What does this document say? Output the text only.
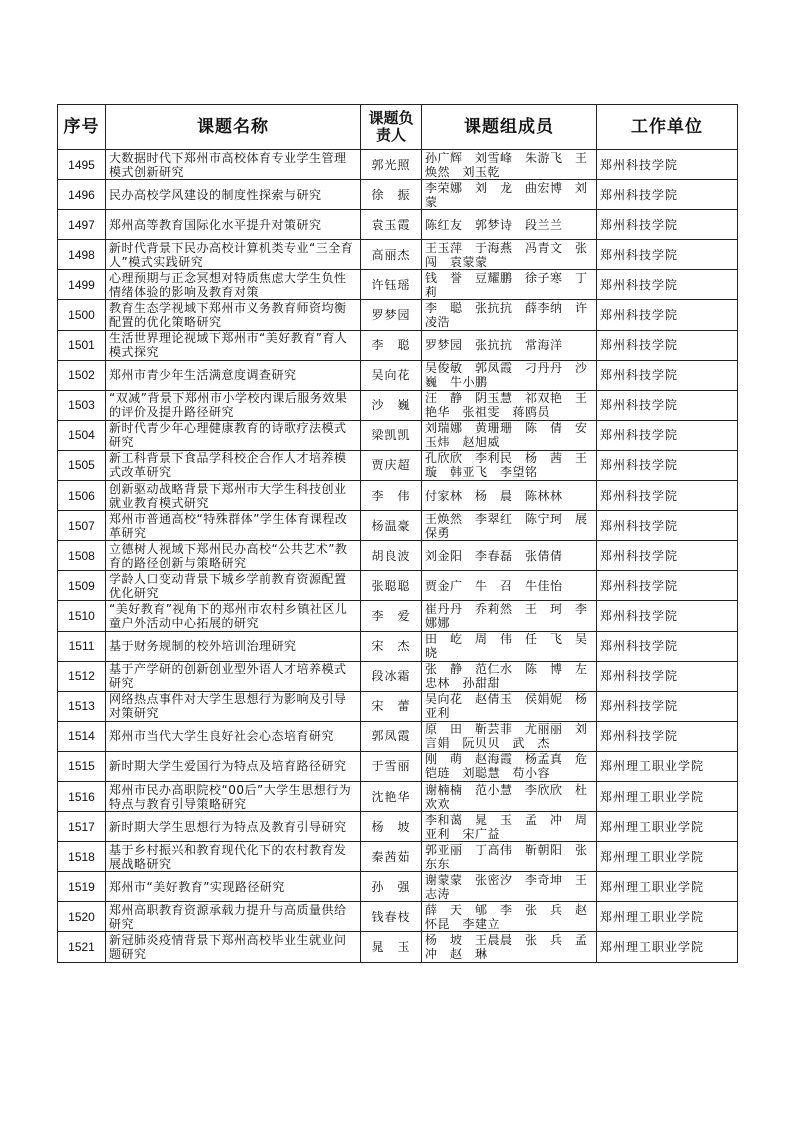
序号	课题名称	课题负责人	课题组成员	工作单位
1495	大数据时代下郑州市高校体育专业学生管理模式创新研究	郭光照	孙广辉　刘雪峰　朱游飞　王焕然　刘玉乾	郑州科技学院
1496	民办高校学风建设的制度性探索与研究	徐　振	李荣娜　刘　龙　曲宏博　刘　蒙	郑州科技学院
1497	郑州高等教育国际化水平提升对策研究	袁玉霞	陈红友　郭梦诗　段兰兰	郑州科技学院
1498	新时代背景下民办高校计算机类专业“三全育人”模式实践研究	高丽杰	王玉萍　于海燕　冯青文　张　闯　袁蒙蒙	郑州科技学院
1499	心理预期与正念冥想对特质焦虑大学生负性情绪体验的影响及教育对策	许钰瑶	钱　誉　豆耀鹏　徐子寒　丁　莉	郑州科技学院
1500	教育生态学视域下郑州市义务教育师资均衡配置的优化策略研究	罗梦园	李　聪　张抗抗　薛李纳　许凌浩	郑州科技学院
1501	生活世界理论视域下郑州市“美好教育”育人模式探究	李　聪	罗梦园　张抗抗　常海洋	郑州科技学院
1502	郑州市青少年生活满意度调查研究	吴向花	吴俊敏　郭凤霞　刁丹丹　沙　巍　牛小鹏	郑州科技学院
1503	“双减”背景下郑州市小学校内课后服务效果的评价及提升路径研究	沙　巍	汪　静　阴玉慧　祁双艳　王艳华　张祖雯　蒋鸥员	郑州科技学院
1504	新时代青少年心理健康教育的诗歌疗法模式研究	梁凯凯	刘瑞娜　黄珊珊　陈　倩　安玉炜　赵旭威	郑州科技学院
1505	新工科背景下食品学科校企合作人才培养模式改革研究	贾庆超	孔欣欣　李利民　杨　茜　王　璇　韩亚飞　李望铭	郑州科技学院
1506	创新驱动战略背景下郑州市大学生科技创业就业教育模式研究	李　伟	付家林　杨　晨　陈林林	郑州科技学院
1507	郑州市普通高校“特殊群体”学生体育课程改革研究	杨温豪	王焕然　李翠红　陈宁珂　展保勇	郑州科技学院
1508	立德树人视域下郑州民办高校“公共艺术”教育的路径创新与策略研究	胡良波	刘金阳　李春磊　张倩倩	郑州科技学院
1509	学龄人口变动背景下城乡学前教育资源配置优化研究	张聪聪	贾金广　牛　召　牛佳怡	郑州科技学院
1510	“美好教育”视角下的郑州市农村乡镇社区儿童户外活动中心拓展的研究	李　爱	崔丹丹　乔莉然　王　珂　李娜娜	郑州科技学院
1511	基于财务规制的校外培训治理研究	宋　杰	田　屹　周　伟　任　飞　吴　晓	郑州科技学院
1512	基于产学研的创新创业型外语人才培养模式研究	段冰霜	张　静　范仁水　陈　博　左忠林　孙甜甜	郑州科技学院
1513	网络热点事件对大学生思想行为影响及引导对策研究	宋　蕾	吴向花　赵倩玉　侯娟妮　杨亚利	郑州科技学院
1514	郑州市当代大学生良好社会心态培育研究	郭凤霞	原　田　靳芸菲　尤丽丽　刘言娟　阮贝贝　武　杰	郑州科技学院
1515	新时期大学生爱国行为特点及培育路径研究	于雪丽	刚　萌　赵海霞　杨孟真　危铠琏　刘聪慧　苟小容	郑州理工职业学院
1516	郑州市民办高职院校“00后”大学生思想行为特点与教育引导策略研究	沈艳华	谢楠楠　范小慧　李欣欣　杜欢欢	郑州理工职业学院
1517	新时期大学生思想行为特点及教育引导研究	杨　坡	李和蔼　晁　玉　孟　冲　周亚利　宋广益	郑州理工职业学院
1518	基于乡村振兴和教育现代化下的农村教育发展战略研究	秦茜茹	郭亚丽　丁高伟　靳朝阳　张东东	郑州理工职业学院
1519	郑州市“美好教育”实现路径研究	孙　强	谢蒙蒙　张密汐　李奇坤　王志涛	郑州理工职业学院
1520	郑州高职教育资源承载力提升与高质量供给研究	钱春枝	薛　天　郇　李　张　兵　赵怀昆　李建立	郑州理工职业学院
1521	新冠肺炎疫情背景下郑州高校毕业生就业问题研究	晁　玉	杨　坡　王晨晨　张　兵　孟　冲　赵　琳	郑州理工职业学院
